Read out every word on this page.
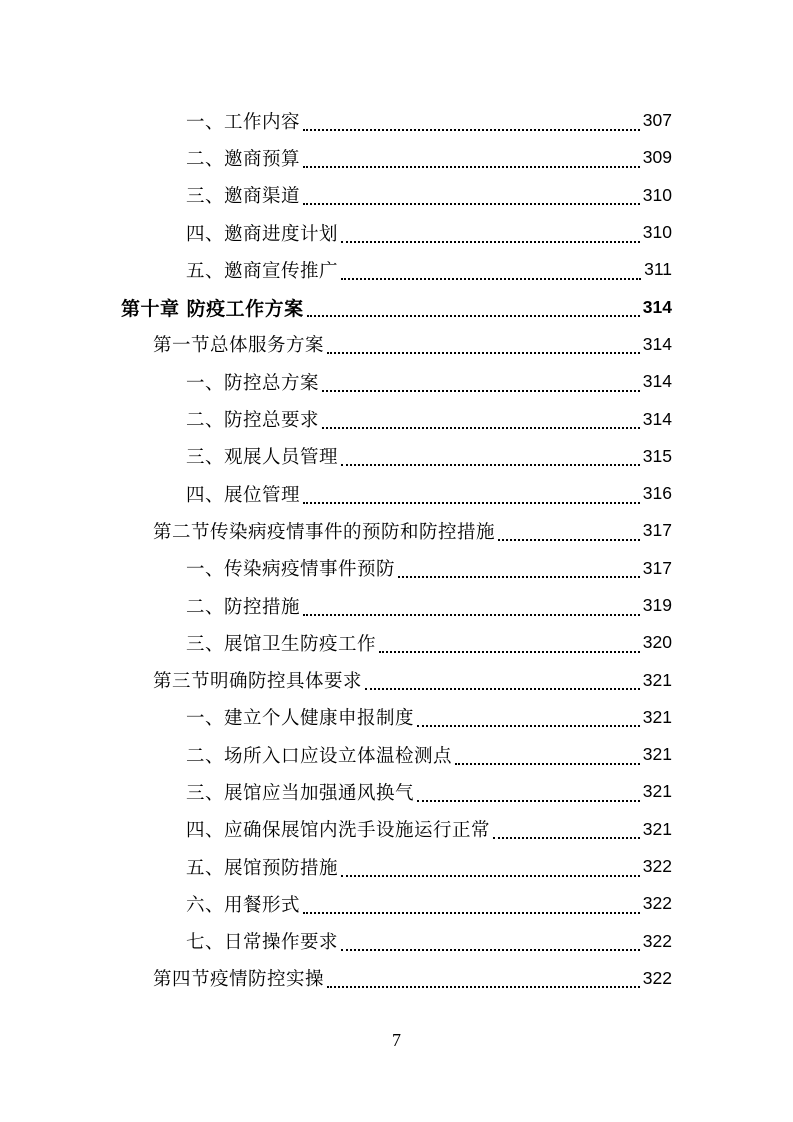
一、工作内容	307
二、邀商预算	309
三、邀商渠道	310
四、邀商进度计划	310
五、邀商宣传推广	311
第十章 防疫工作方案	314
第一节总体服务方案	314
一、防控总方案	314
二、防控总要求	314
三、观展人员管理	315
四、展位管理	316
第二节传染病疫情事件的预防和防控措施	317
一、传染病疫情事件预防	317
二、防控措施	319
三、展馆卫生防疫工作	320
第三节明确防控具体要求	321
一、建立个人健康申报制度	321
二、场所入口应设立体温检测点	321
三、展馆应当加强通风换气	321
四、应确保展馆内洗手设施运行正常	321
五、展馆预防措施	322
六、用餐形式	322
七、日常操作要求	322
第四节疫情防控实操	322
7
